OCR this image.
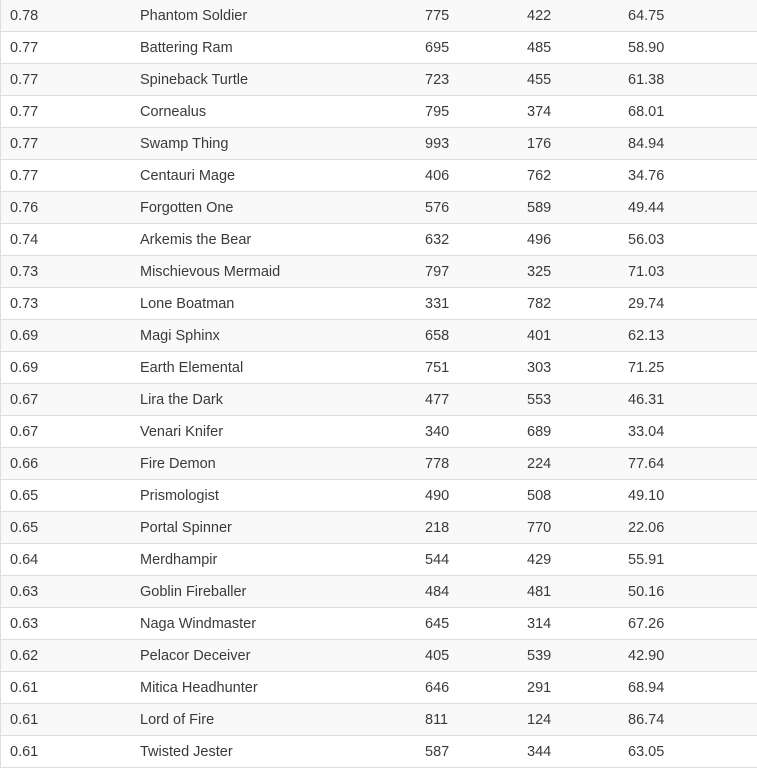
0.78	Phantom Soldier	775	422	64.75
0.77	Battering Ram	695	485	58.90
0.77	Spineback Turtle	723	455	61.38
0.77	Cornealus	795	374	68.01
0.77	Swamp Thing	993	176	84.94
0.77	Centauri Mage	406	762	34.76
0.76	Forgotten One	576	589	49.44
0.74	Arkemis the Bear	632	496	56.03
0.73	Mischievous Mermaid	797	325	71.03
0.73	Lone Boatman	331	782	29.74
0.69	Magi Sphinx	658	401	62.13
0.69	Earth Elemental	751	303	71.25
0.67	Lira the Dark	477	553	46.31
0.67	Venari Knifer	340	689	33.04
0.66	Fire Demon	778	224	77.64
0.65	Prismologist	490	508	49.10
0.65	Portal Spinner	218	770	22.06
0.64	Merdhampir	544	429	55.91
0.63	Goblin Fireballer	484	481	50.16
0.63	Naga Windmaster	645	314	67.26
0.62	Pelacor Deceiver	405	539	42.90
0.61	Mitica Headhunter	646	291	68.94
0.61	Lord of Fire	811	124	86.74
0.61	Twisted Jester	587	344	63.05
